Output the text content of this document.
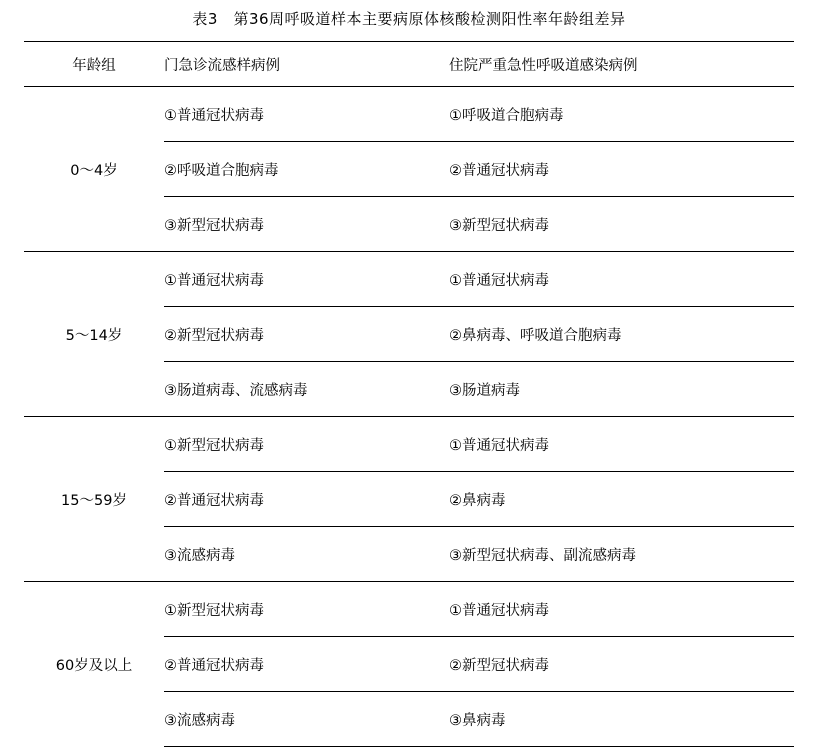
表3　第36周呼吸道样本主要病原体核酸检测阳性率年龄组差异
年龄组	门急诊流感样病例	住院严重急性呼吸道感染病例
0～4岁	①普通冠状病毒	①呼吸道合胞病毒
	②呼吸道合胞病毒	②普通冠状病毒
	③新型冠状病毒	③新型冠状病毒
5～14岁	①普通冠状病毒	①普通冠状病毒
	②新型冠状病毒	②鼻病毒、呼吸道合胞病毒
	③肠道病毒、流感病毒	③肠道病毒
15～59岁	①新型冠状病毒	①普通冠状病毒
	②普通冠状病毒	②鼻病毒
	③流感病毒	③新型冠状病毒、副流感病毒
60岁及以上	①新型冠状病毒	①普通冠状病毒
	②普通冠状病毒	②新型冠状病毒
	③流感病毒	③鼻病毒
